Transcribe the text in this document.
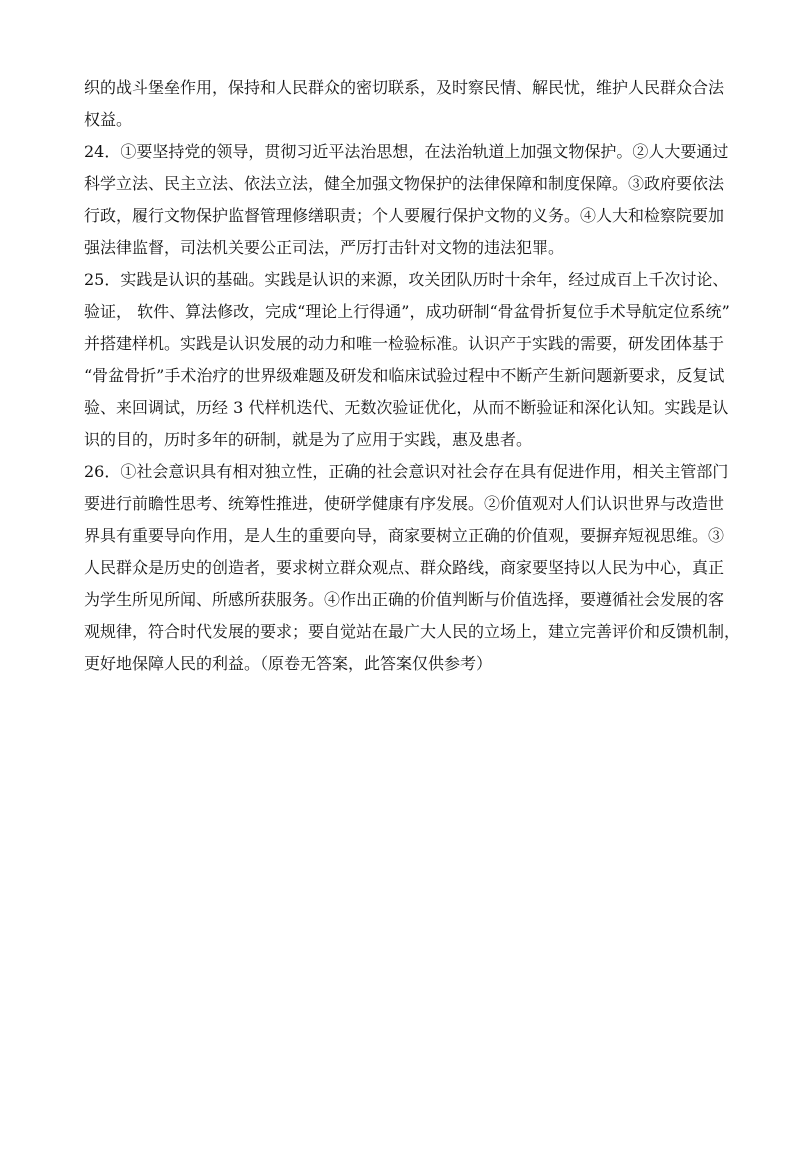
织的战斗堡垒作用，保持和人民群众的密切联系，及时察民情、解民忧，维护人民群众合法
权益。
24．①要坚持党的领导，贯彻习近平法治思想，在法治轨道上加强文物保护。②人大要通过
科学立法、民主立法、依法立法，健全加强文物保护的法律保障和制度保障。③政府要依法
行政，履行文物保护监督管理修缮职责；个人要履行保护文物的义务。④人大和检察院要加
强法律监督，司法机关要公正司法，严厉打击针对文物的违法犯罪。
25．实践是认识的基础。实践是认识的来源，攻关团队历时十余年，经过成百上千次讨论、
验证， 软件、算法修改，完成“理论上行得通”，成功研制“骨盆骨折复位手术导航定位系统”
并搭建样机。实践是认识发展的动力和唯一检验标准。认识产于实践的需要，研发团体基于
“骨盆骨折”手术治疗的世界级难题及研发和临床试验过程中不断产生新问题新要求，反复试
验、来回调试，历经 3 代样机迭代、无数次验证优化，从而不断验证和深化认知。实践是认
识的目的，历时多年的研制，就是为了应用于实践，惠及患者。
26．①社会意识具有相对独立性，正确的社会意识对社会存在具有促进作用，相关主管部门
要进行前瞻性思考、统筹性推进，使研学健康有序发展。②价值观对人们认识世界与改造世
界具有重要导向作用，是人生的重要向导，商家要树立正确的价值观，要摒弃短视思维。③
人民群众是历史的创造者，要求树立群众观点、群众路线，商家要坚持以人民为中心，真正
为学生所见所闻、所感所获服务。④作出正确的价值判断与价值选择，要遵循社会发展的客
观规律，符合时代发展的要求；要自觉站在最广大人民的立场上，建立完善评价和反馈机制，
更好地保障人民的利益。（原卷无答案，此答案仅供参考）
